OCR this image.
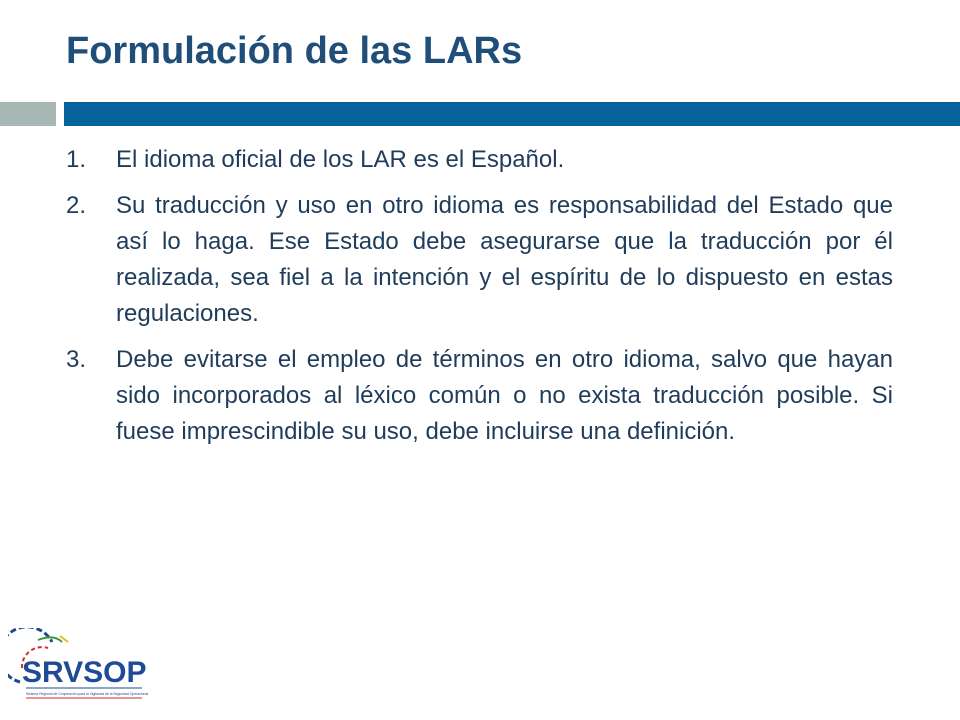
Formulación de las LARs
1.	El idioma oficial de los LAR es el Español.
2.	Su traducción y uso en otro idioma es responsabilidad del Estado que así lo haga. Ese Estado debe asegurarse que la traducción por él realizada, sea fiel a la intención y el espíritu de lo dispuesto en estas regulaciones.
3.	Debe evitarse el empleo de términos en otro idioma, salvo que hayan sido incorporados al léxico común o no exista traducción posible. Si fuese imprescindible su uso, debe incluirse una definición.
SRVSOP
Sistema Regional de Cooperación para la Vigilancia de la Seguridad Operacional
